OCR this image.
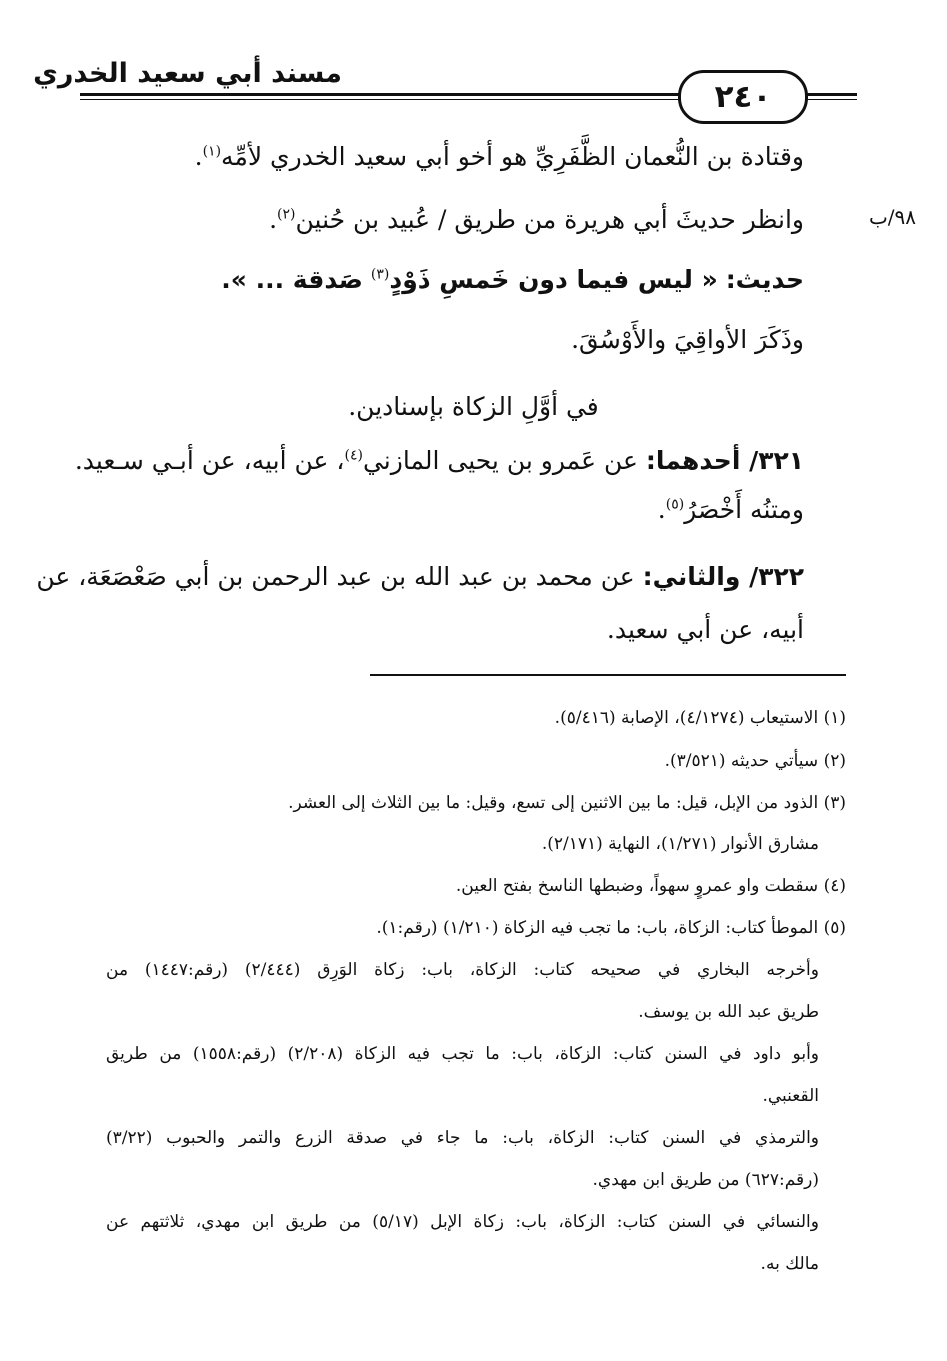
مسند أبي سعيد الخدري
٢٤٠
٩٨/ب
وقتادة بن النُّعمان الظَّفَرِيِّ هو أخو أبي سعيد الخدري لأمِّه$^{(١)}$.
وانظر حديثَ أبي هريرة من طريق / عُبيد بن حُنين$^{(٢)}$.
حديث: « ليس فيما دون خَمسِ ذَوْدٍ$^{(٣)}$ صَدقة ... ».
وذَكَرَ الأواقِيَ والأَوْسُقَ.
في أوَّلِ الزكاة بإسنادين.
٣٢١/ أحدهما: عن عَمرو بن يحيى المازني$^{(٤)}$، عن أبيه، عن أبـي سـعيد.
ومتنُه أَخْصَرُ$^{(٥)}$.
٣٢٢/ والثاني: عن محمد بن عبد الله بن عبد الرحمن بن أبي صَعْصَعَة، عن
أبيه، عن أبي سعيد.
(١) الاستيعاب (٤/١٢٧٤)، الإصابة (٥/٤١٦).
(٢) سيأتي حديثه (٣/٥٢١).
(٣) الذود من الإبل، قيل: ما بين الاثنين إلى تسع، وقيل: ما بين الثلاث إلى العشر.
مشارق الأنوار (١/٢٧١)، النهاية (٢/١٧١).
(٤) سقطت واو عمروٍ سهواً، وضبطها الناسخ بفتح العين.
(٥) الموطأ كتاب: الزكاة، باب: ما تجب فيه الزكاة (١/٢١٠) (رقم:١).
وأخرجه البخاري في صحيحه كتاب: الزكاة، باب: زكاة الوَرِق (٢/٤٤٤) (رقم:١٤٤٧) من
طريق عبد الله بن يوسف.
وأبو داود في السنن كتاب: الزكاة، باب: ما تجب فيه الزكاة (٢/٢٠٨) (رقم:١٥٥٨) من طريق
القعنبي.
والترمذي في السنن كتاب: الزكاة، باب: ما جاء في صدقة الزرع والتمر والحبوب (٣/٢٢)
(رقم:٦٢٧) من طريق ابن مهدي.
والنسائي في السنن كتاب: الزكاة، باب: زكاة الإبل (٥/١٧) من طريق ابن مهدي، ثلاثتهم عن
مالك به.
